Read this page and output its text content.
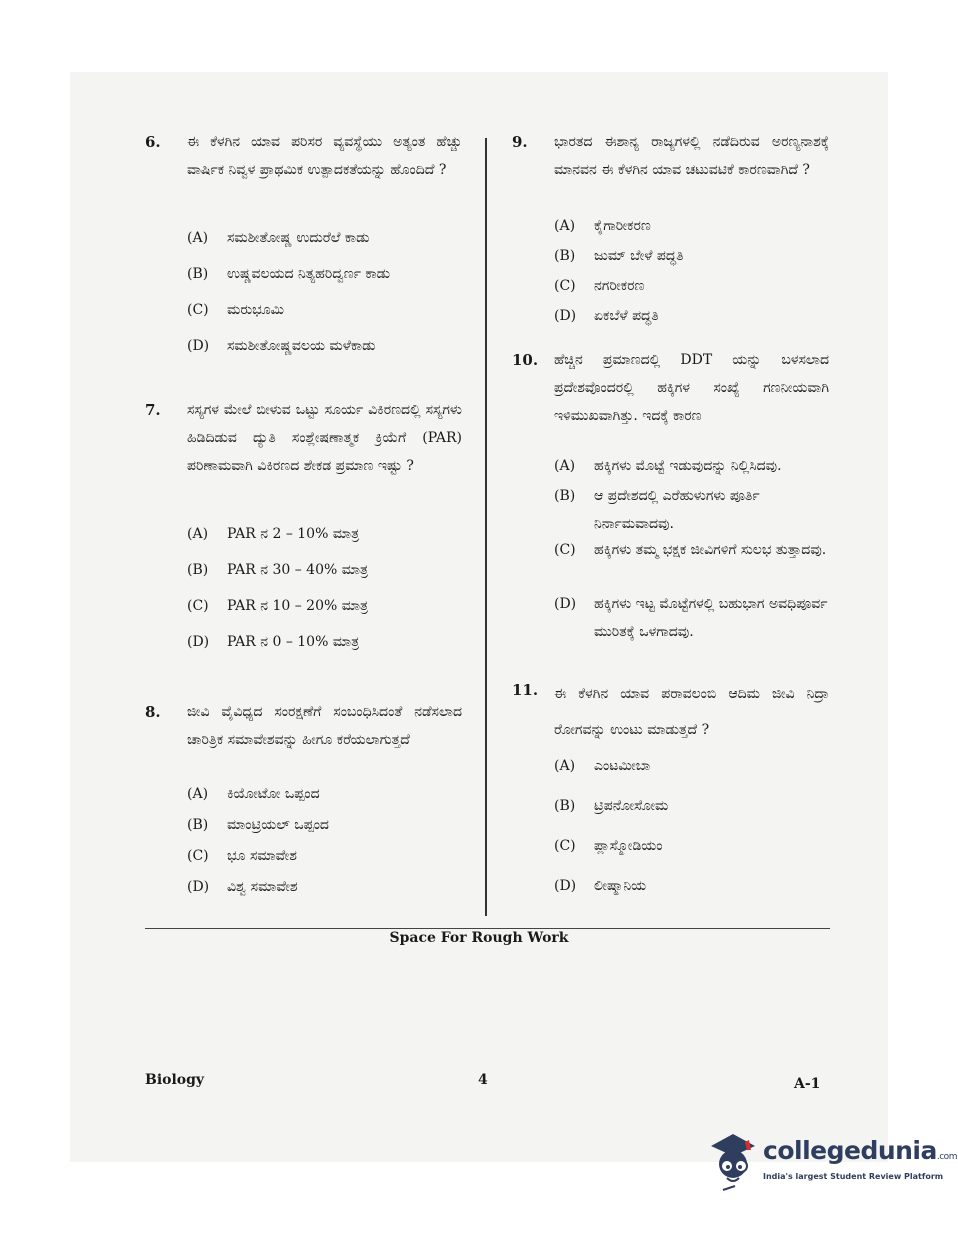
6. ಈ ಕೆಳಗಿನ ಯಾವ ಪರಿಸರ ವ್ಯವಸ್ಥೆಯು ಅತ್ಯಂತ ಹೆಚ್ಚು ವಾರ್ಷಿಕ ನಿವ್ವಳ ಪ್ರಾಥಮಿಕ ಉತ್ಪಾದಕತೆಯನ್ನು ಹೊಂದಿದೆ ?
(A) ಸಮಶೀತೋಷ್ಣ ಉದುರೆಲೆ ಕಾಡು
(B) ಉಷ್ಣವಲಯದ ನಿತ್ಯಹರಿದ್ವರ್ಣ ಕಾಡು
(C) ಮರುಭೂಮಿ
(D) ಸಮಶೀತೋಷ್ಣವಲಯ ಮಳೆಕಾಡು
7. ಸಸ್ಯಗಳ ಮೇಲೆ ಬೀಳುವ ಒಟ್ಟು ಸೂರ್ಯ ವಿಕಿರಣದಲ್ಲಿ ಸಸ್ಯಗಳು ಹಿಡಿದಿಡುವ ದ್ಯುತಿ ಸಂಶ್ಲೇಷಣಾತ್ಮಕ ಕ್ರಿಯೆಗೆ (PAR) ಪರಿಣಾಮವಾಗಿ ವಿಕಿರಣದ ಶೇಕಡ ಪ್ರಮಾಣ ಇಷ್ಟು ?
(A) PAR ನ 2 – 10% ಮಾತ್ರ
(B) PAR ನ 30 – 40% ಮಾತ್ರ
(C) PAR ನ 10 – 20% ಮಾತ್ರ
(D) PAR ನ 0 – 10% ಮಾತ್ರ
8. ಜೀವಿ ವೈವಿಧ್ಯದ ಸಂರಕ್ಷಣೆಗೆ ಸಂಬಂಧಿಸಿದಂತೆ ನಡೆಸಲಾದ ಚಾರಿತ್ರಿಕ ಸಮಾವೇಶವನ್ನು ಹೀಗೂ ಕರೆಯಲಾಗುತ್ತದೆ
(A) ಕಿಯೋಟೋ ಒಪ್ಪಂದ
(B) ಮಾಂಟ್ರಿಯಲ್ ಒಪ್ಪಂದ
(C) ಭೂ ಸಮಾವೇಶ
(D) ವಿಶ್ವ ಸಮಾವೇಶ
9. ಭಾರತದ ಈಶಾನ್ಯ ರಾಜ್ಯಗಳಲ್ಲಿ ನಡೆದಿರುವ ಅರಣ್ಯನಾಶಕ್ಕೆ ಮಾನವನ ಈ ಕೆಳಗಿನ ಯಾವ ಚಟುವಟಿಕೆ ಕಾರಣವಾಗಿದೆ ?
(A) ಕೈಗಾರೀಕರಣ
(B) ಜುಮ್ ಬೇಳೆ ಪದ್ಧತಿ
(C) ನಗರೀಕರಣ
(D) ಏಕಬೆಳೆ ಪದ್ಧತಿ
10. ಹೆಚ್ಚಿನ ಪ್ರಮಾಣದಲ್ಲಿ DDT ಯನ್ನು ಬಳಸಲಾದ ಪ್ರದೇಶವೊಂದರಲ್ಲಿ ಹಕ್ಕಿಗಳ ಸಂಖ್ಯೆ ಗಣನೀಯವಾಗಿ ಇಳಿಮುಖವಾಗಿತ್ತು. ಇದಕ್ಕೆ ಕಾರಣ
(A) ಹಕ್ಕಿಗಳು ಮೊಟ್ಟೆ ಇಡುವುದನ್ನು ನಿಲ್ಲಿಸಿದವು.
(B)	ಆ ಪ್ರದೇಶದಲ್ಲಿ ಎರೆಹುಳುಗಳು ಪೂರ್ತಿ ನಿರ್ನಾಮವಾದವು.
(C)	ಹಕ್ಕಿಗಳು ತಮ್ಮ ಭಕ್ಷಕ ಜೀವಿಗಳಿಗೆ ಸುಲಭ ತುತ್ತಾದವು.
(D)	ಹಕ್ಕಿಗಳು ಇಟ್ಟ ಮೊಟ್ಟೆಗಳಲ್ಲಿ ಬಹುಭಾಗ ಅವಧಿಪೂರ್ವ ಮುರಿತಕ್ಕೆ ಒಳಗಾದವು.
11. ಈ ಕೆಳಗಿನ ಯಾವ ಪರಾವಲಂಬಿ ಆದಿಮ ಜೀವಿ ನಿದ್ರಾ ರೋಗವನ್ನು ಉಂಟು ಮಾಡುತ್ತದೆ ?
(A) ಎಂಟಮೀಬಾ
(B) ಟ್ರಿಪನೋಸೋಮ
(C) ಪ್ಲಾಸ್ಮೋಡಿಯಂ
(D) ಲೀಷ್ಮಾನಿಯ
Space For Rough Work
Biology	4	A-1
collegedunia.com
India's largest Student Review Platform
